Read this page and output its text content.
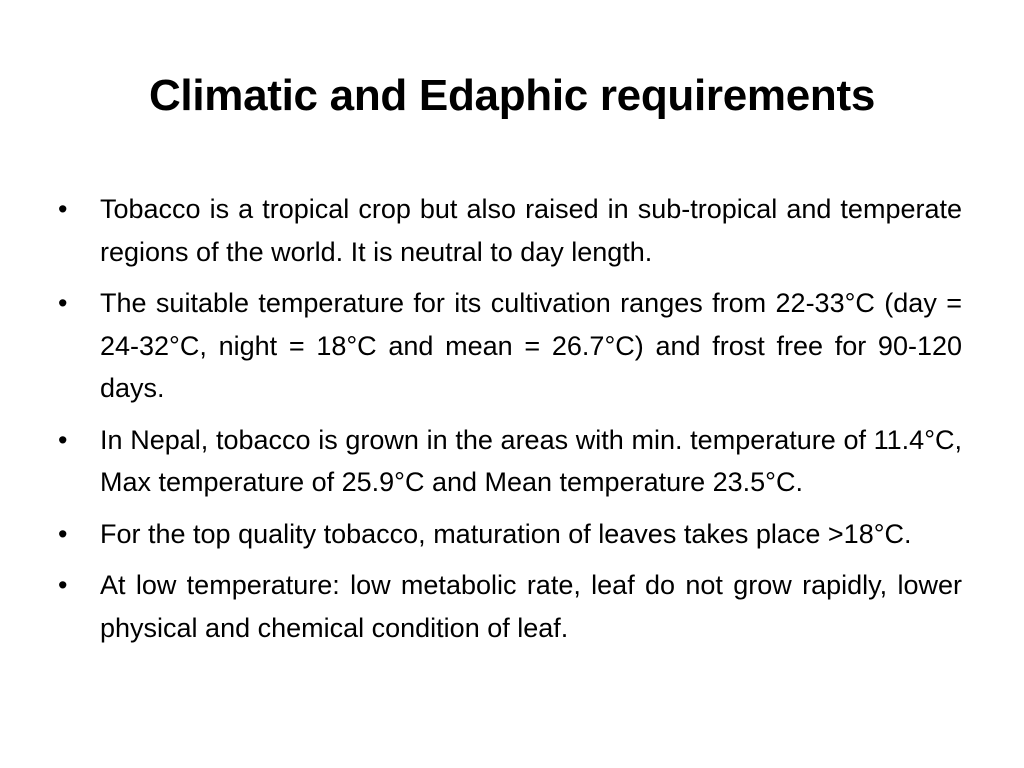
Climatic and Edaphic requirements
• Tobacco is a tropical crop but also raised in sub-tropical and temperate regions of the world. It is neutral to day length.
• The suitable temperature for its cultivation ranges from 22-33°C (day = 24-32°C, night = 18°C and mean = 26.7°C) and frost free for 90-120 days.
• In Nepal, tobacco is grown in the areas with min. temperature of 11.4°C, Max temperature of 25.9°C and Mean temperature 23.5°C.
• For the top quality tobacco, maturation of leaves takes place >18°C.
• At low temperature: low metabolic rate, leaf do not grow rapidly, lower physical and chemical condition of leaf.
